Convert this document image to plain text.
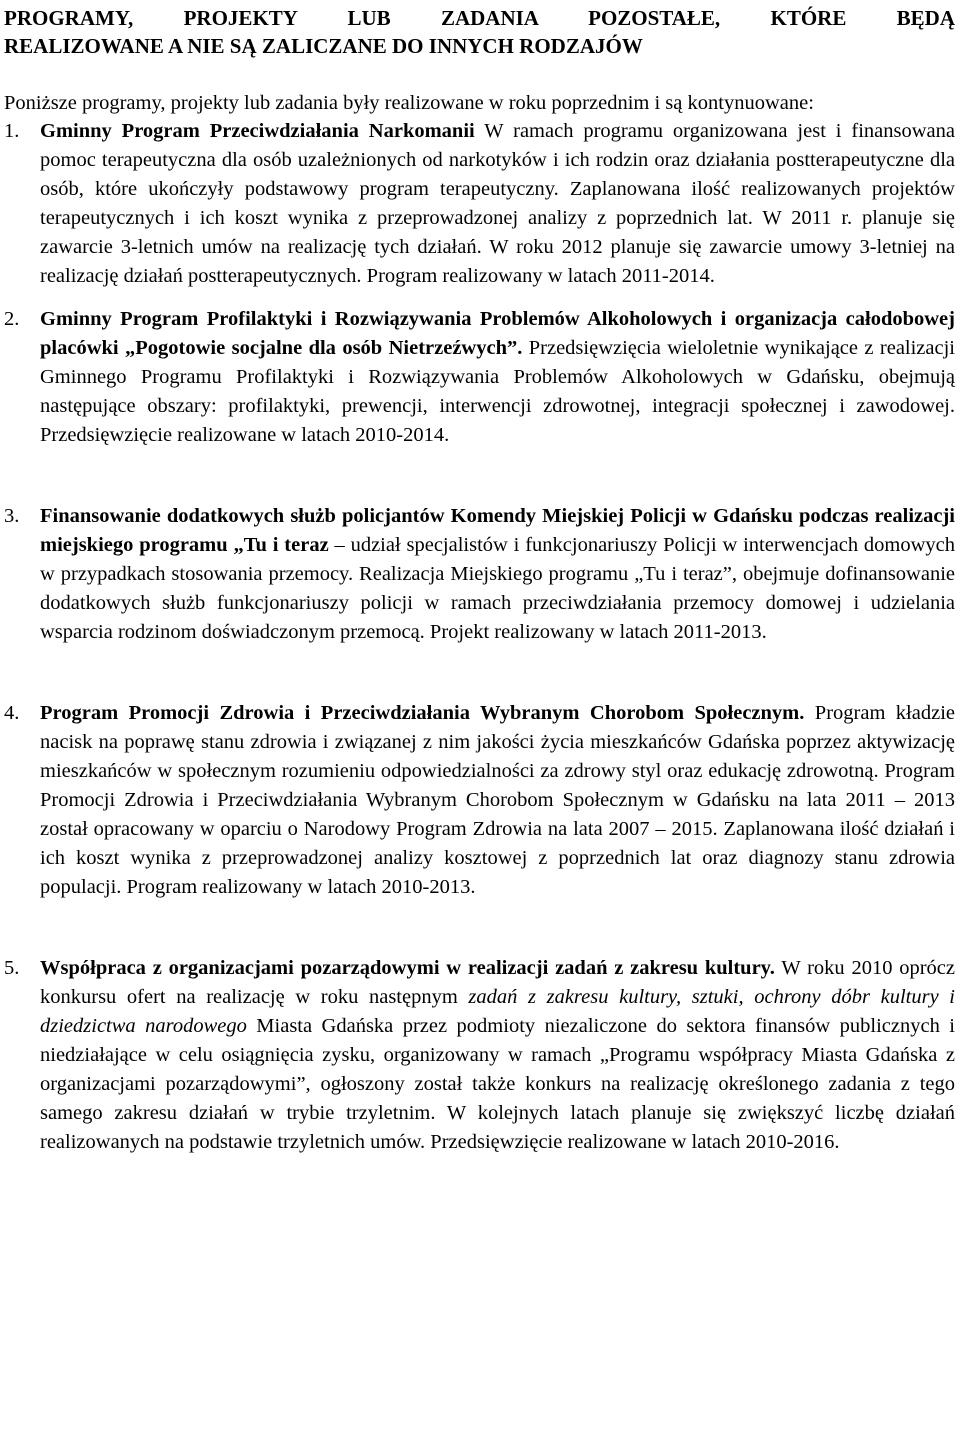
PROGRAMY, PROJEKTY LUB ZADANIA POZOSTAŁE, KTÓRE BĘDĄ
REALIZOWANE A NIE SĄ ZALICZANE DO INNYCH RODZAJÓW

Poniższe programy, projekty lub zadania były realizowane w roku poprzednim i są kontynuowane:

1. Gminny Program Przeciwdziałania Narkomanii W ramach programu organizowana jest i finansowana pomoc terapeutyczna dla osób uzależnionych od narkotyków i ich rodzin oraz działania postterapeutyczne dla osób, które ukończyły podstawowy program terapeutyczny. Zaplanowana ilość realizowanych projektów terapeutycznych i ich koszt wynika z przeprowadzonej analizy z poprzednich lat. W 2011 r. planuje się zawarcie 3-letnich umów na realizację tych działań. W roku 2012 planuje się zawarcie umowy 3-letniej na realizację działań postterapeutycznych. Program realizowany w latach 2011-2014.
2. Gminny Program Profilaktyki i Rozwiązywania Problemów Alkoholowych i organizacja całodobowej placówki „Pogotowie socjalne dla osób Nietrzeźwych”. Przedsięwzięcia wieloletnie wynikające z realizacji Gminnego Programu Profilaktyki i Rozwiązywania Problemów Alkoholowych w Gdańsku, obejmują następujące obszary: profilaktyki, prewencji, interwencji zdrowotnej, integracji społecznej i zawodowej. Przedsięwzięcie realizowane w latach 2010-2014.
3. Finansowanie dodatkowych służb policjantów Komendy Miejskiej Policji w Gdańsku podczas realizacji miejskiego programu „Tu i teraz – udział specjalistów i funkcjonariuszy Policji w interwencjach domowych w przypadkach stosowania przemocy. Realizacja Miejskiego programu „Tu i teraz”, obejmuje dofinansowanie dodatkowych służb funkcjonariuszy policji w ramach przeciwdziałania przemocy domowej i udzielania wsparcia rodzinom doświadczonym przemocą. Projekt realizowany w latach 2011-2013.
4. Program Promocji Zdrowia i Przeciwdziałania Wybranym Chorobom Społecznym. Program kładzie nacisk na poprawę stanu zdrowia i związanej z nim jakości życia mieszkańców Gdańska poprzez aktywizację mieszkańców w społecznym rozumieniu odpowiedzialności za zdrowy styl oraz edukację zdrowotną. Program Promocji Zdrowia i Przeciwdziałania Wybranym Chorobom Społecznym w Gdańsku na lata 2011 – 2013 został opracowany w oparciu o Narodowy Program Zdrowia na lata 2007 – 2015. Zaplanowana ilość działań i ich koszt wynika z przeprowadzonej analizy kosztowej z poprzednich lat oraz diagnozy stanu zdrowia populacji. Program realizowany w latach 2010-2013.
5. Współpraca z organizacjami pozarządowymi w realizacji zadań z zakresu kultury. W roku 2010 oprócz konkursu ofert na realizację w roku następnym zadań z zakresu kultury, sztuki, ochrony dóbr kultury i dziedzictwa narodowego Miasta Gdańska przez podmioty niezaliczone do sektora finansów publicznych i niedziałające w celu osiągnięcia zysku, organizowany w ramach „Programu współpracy Miasta Gdańska z organizacjami pozarządowymi”, ogłoszony został także konkurs na realizację określonego zadania z tego samego zakresu działań w trybie trzyletnim. W kolejnych latach planuje się zwiększyć liczbę działań realizowanych na podstawie trzyletnich umów. Przedsięwzięcie realizowane w latach 2010-2016.
